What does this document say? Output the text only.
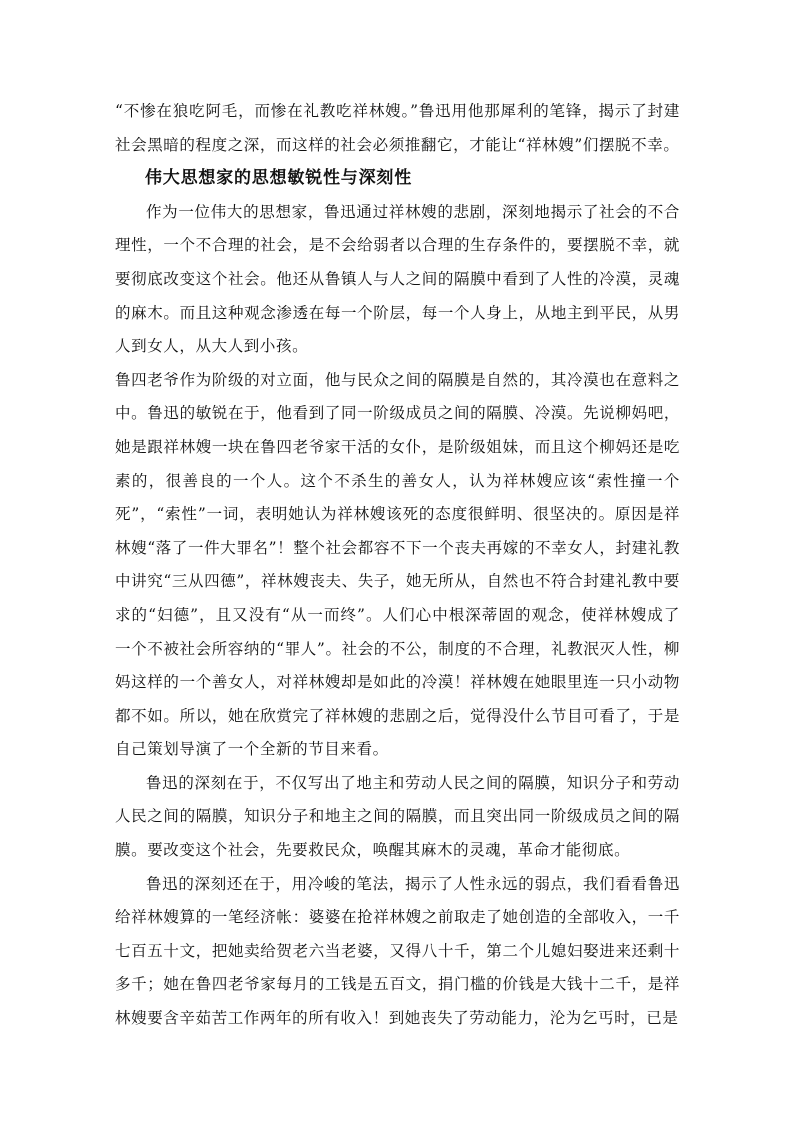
“不惨在狼吃阿毛，而惨在礼教吃祥林嫂。”鲁迅用他那犀利的笔锋，揭示了封建社会黑暗的程度之深，而这样的社会必须推翻它，才能让“祥林嫂”们摆脱不幸。

伟大思想家的思想敏锐性与深刻性

作为一位伟大的思想家，鲁迅通过祥林嫂的悲剧，深刻地揭示了社会的不合理性，一个不合理的社会，是不会给弱者以合理的生存条件的，要摆脱不幸，就要彻底改变这个社会。他还从鲁镇人与人之间的隔膜中看到了人性的冷漠，灵魂的麻木。而且这种观念渗透在每一个阶层，每一个人身上，从地主到平民，从男人到女人，从大人到小孩。

鲁四老爷作为阶级的对立面，他与民众之间的隔膜是自然的，其冷漠也在意料之中。鲁迅的敏锐在于，他看到了同一阶级成员之间的隔膜、冷漠。先说柳妈吧，她是跟祥林嫂一块在鲁四老爷家干活的女仆，是阶级姐妹，而且这个柳妈还是吃素的，很善良的一个人。这个不杀生的善女人，认为祥林嫂应该“索性撞一个死”，“索性”一词，表明她认为祥林嫂该死的态度很鲜明、很坚决的。原因是祥林嫂“落了一件大罪名”！整个社会都容不下一个丧夫再嫁的不幸女人，封建礼教中讲究“三从四德”，祥林嫂丧夫、失子，她无所从，自然也不符合封建礼教中要求的“妇德”，且又没有“从一而终”。人们心中根深蒂固的观念，使祥林嫂成了一个不被社会所容纳的“罪人”。社会的不公，制度的不合理，礼教泯灭人性，柳妈这样的一个善女人，对祥林嫂却是如此的冷漠！祥林嫂在她眼里连一只小动物都不如。所以，她在欣赏完了祥林嫂的悲剧之后，觉得没什么节目可看了，于是自己策划导演了一个全新的节目来看。

鲁迅的深刻在于，不仅写出了地主和劳动人民之间的隔膜，知识分子和劳动人民之间的隔膜，知识分子和地主之间的隔膜，而且突出同一阶级成员之间的隔膜。要改变这个社会，先要救民众，唤醒其麻木的灵魂，革命才能彻底。

鲁迅的深刻还在于，用冷峻的笔法，揭示了人性永远的弱点，我们看看鲁迅给祥林嫂算的一笔经济帐：婆婆在抢祥林嫂之前取走了她创造的全部收入，一千七百五十文，把她卖给贺老六当老婆，又得八十千，第二个儿媳妇娶进来还剩十多千；她在鲁四老爷家每月的工钱是五百文，捐门槛的价钱是大钱十二千，是祥林嫂要含辛茹苦工作两年的所有收入！到她丧失了劳动能力，沦为乞丐时，已是
